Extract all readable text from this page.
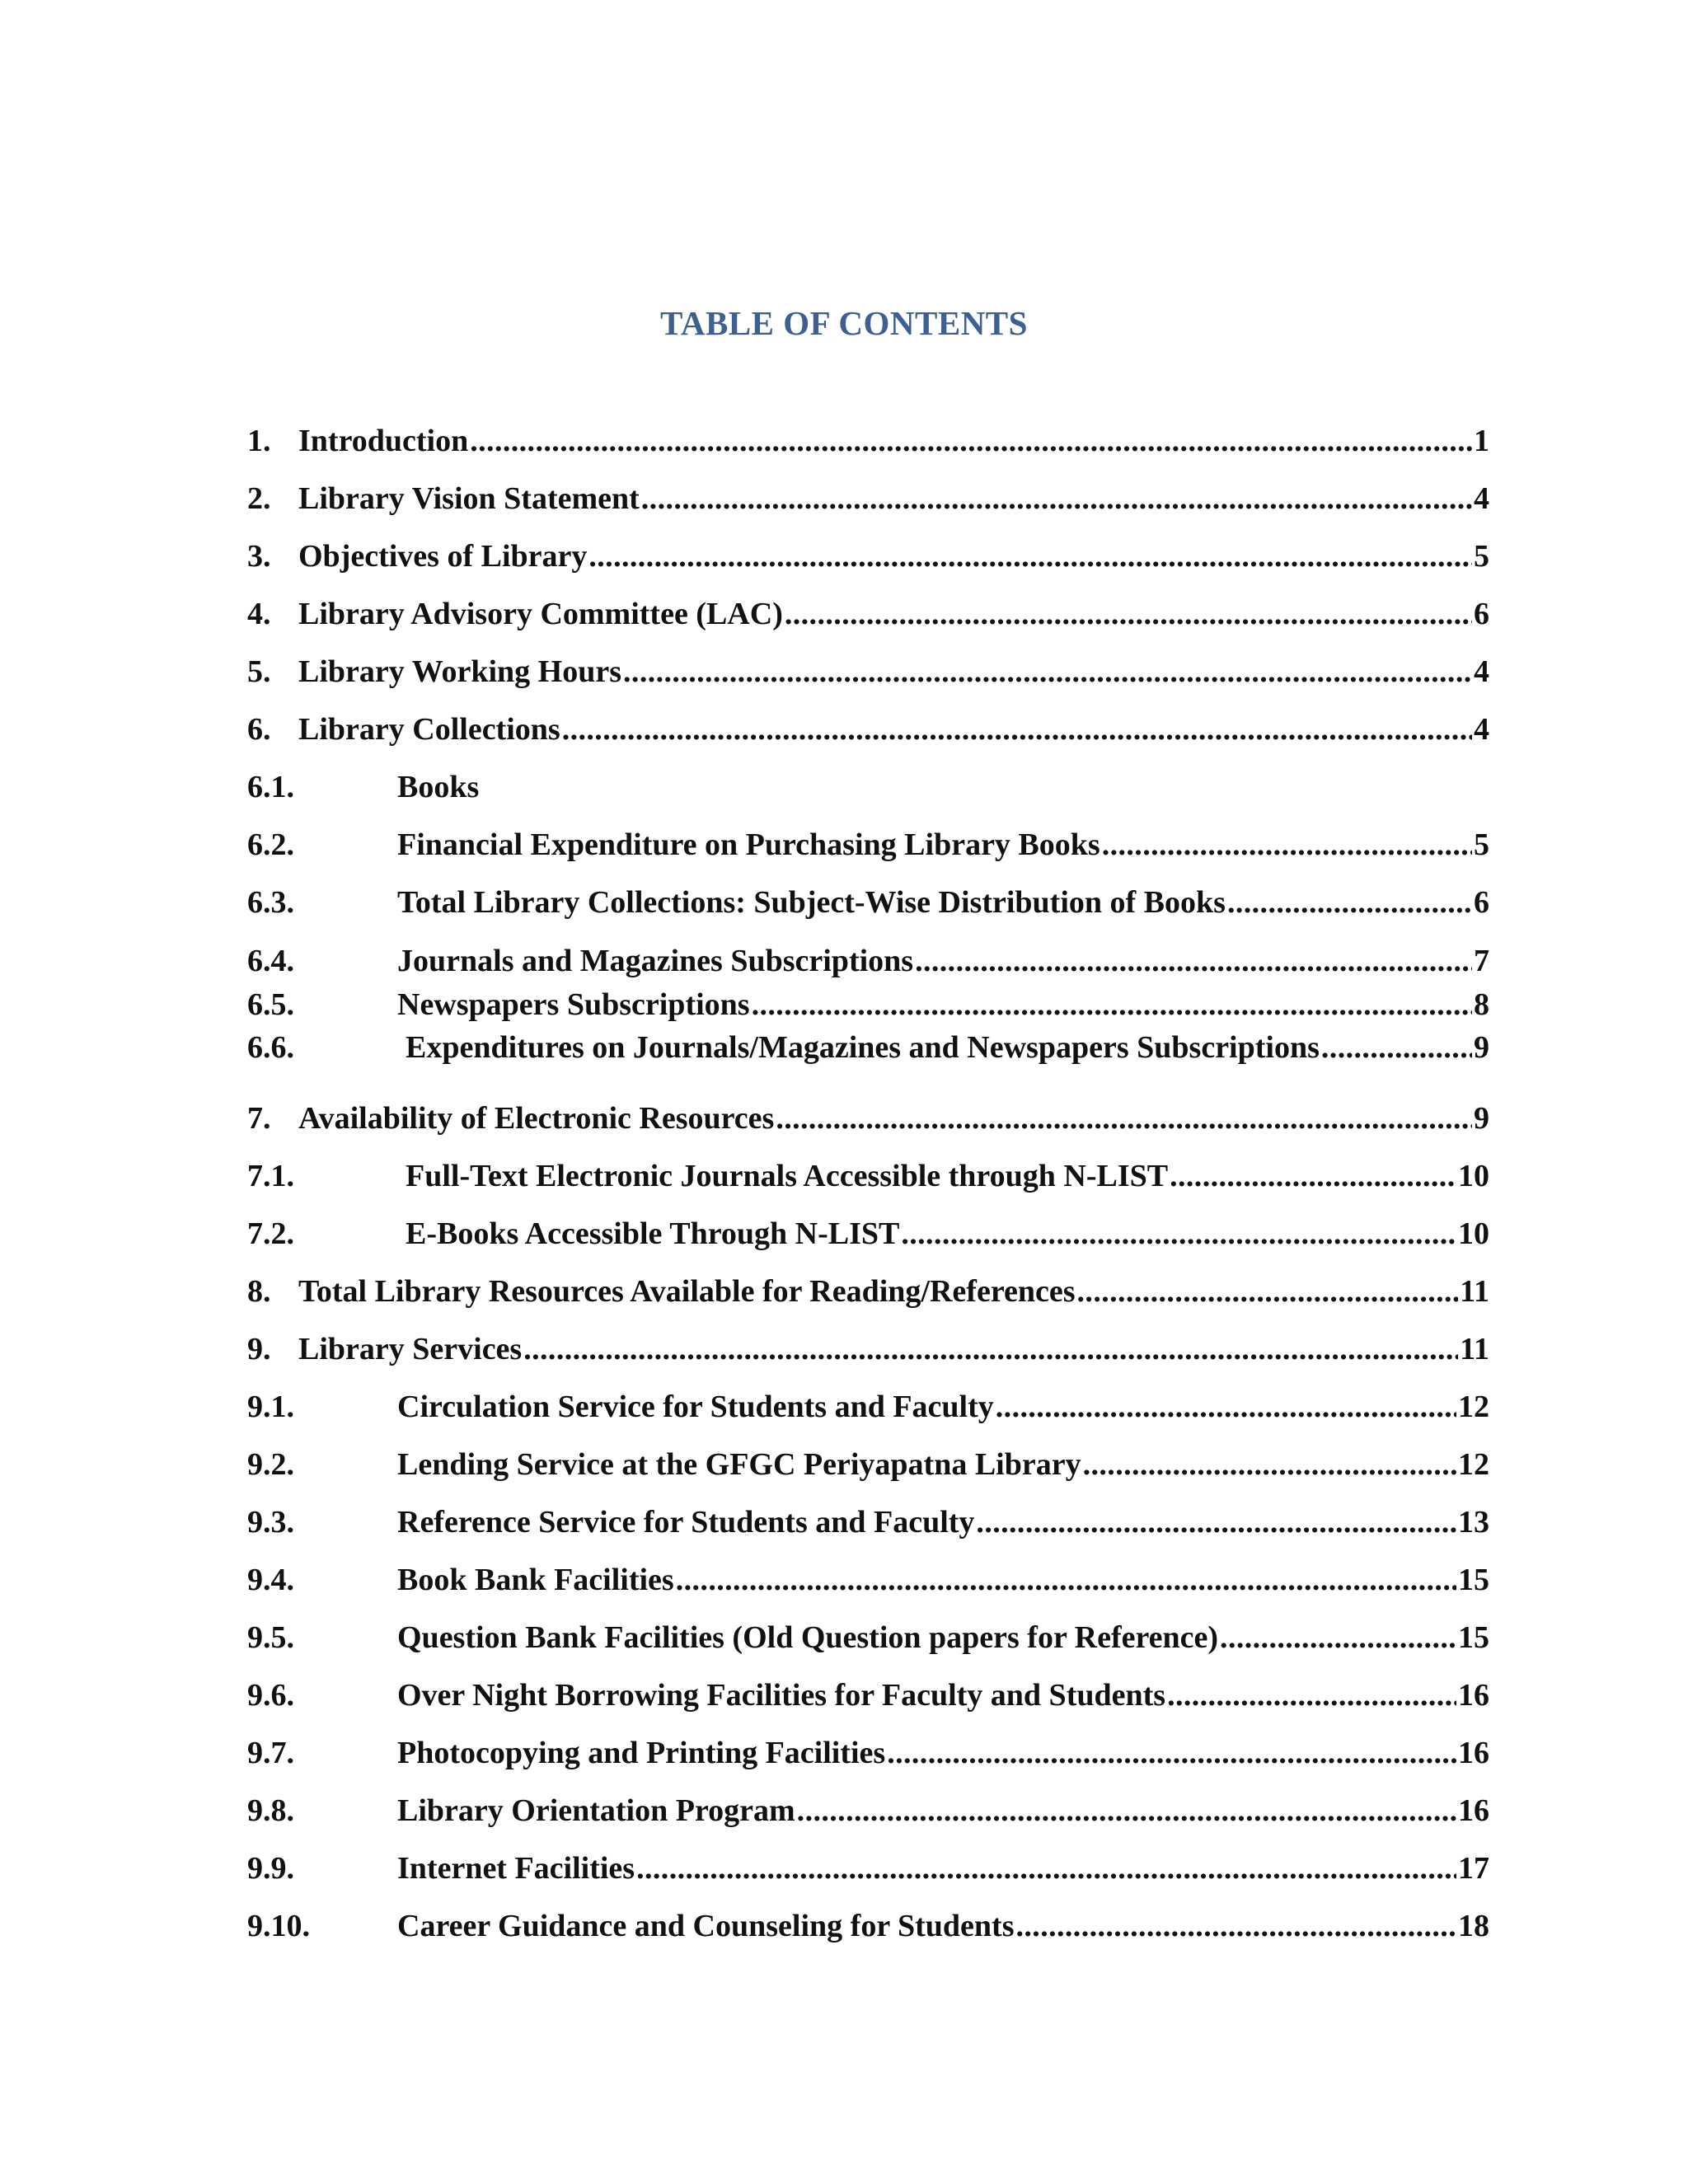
TABLE OF CONTENTS
1. Introduction .....	1
2. Library Vision Statement .....	4
3. Objectives of Library .....	5
4. Library Advisory Committee (LAC) .....	6
5. Library Working Hours .....	4
6. Library Collections .....	4
6.1.	Books
6.2.	Financial Expenditure on Purchasing Library Books .....	5
6.3.	Total Library Collections: Subject-Wise Distribution of Books .....	6
6.4.	Journals and Magazines Subscriptions .....	7
6.5.	Newspapers Subscriptions .....	8
6.6.	Expenditures on Journals/Magazines and Newspapers Subscriptions .....	9
7. Availability of Electronic Resources .....	9
7.1.	Full-Text Electronic Journals Accessible through N-LIST .....	10
7.2.	E-Books Accessible Through N-LIST .....	10
8. Total Library Resources Available for Reading/References .....	11
9. Library Services .....	11
9.1.	Circulation Service for Students and Faculty .....	12
9.2.	Lending Service at the GFGC Periyapatna Library .....	12
9.3.	Reference Service for Students and Faculty .....	13
9.4.	Book Bank Facilities .....	15
9.5.	Question Bank Facilities (Old Question papers for Reference) .....	15
9.6.	Over Night Borrowing Facilities for Faculty and Students .....	16
9.7.	Photocopying and Printing Facilities .....	16
9.8.	Library Orientation Program .....	16
9.9.	Internet Facilities .....	17
9.10.	Career Guidance and Counseling for Students .....	18
